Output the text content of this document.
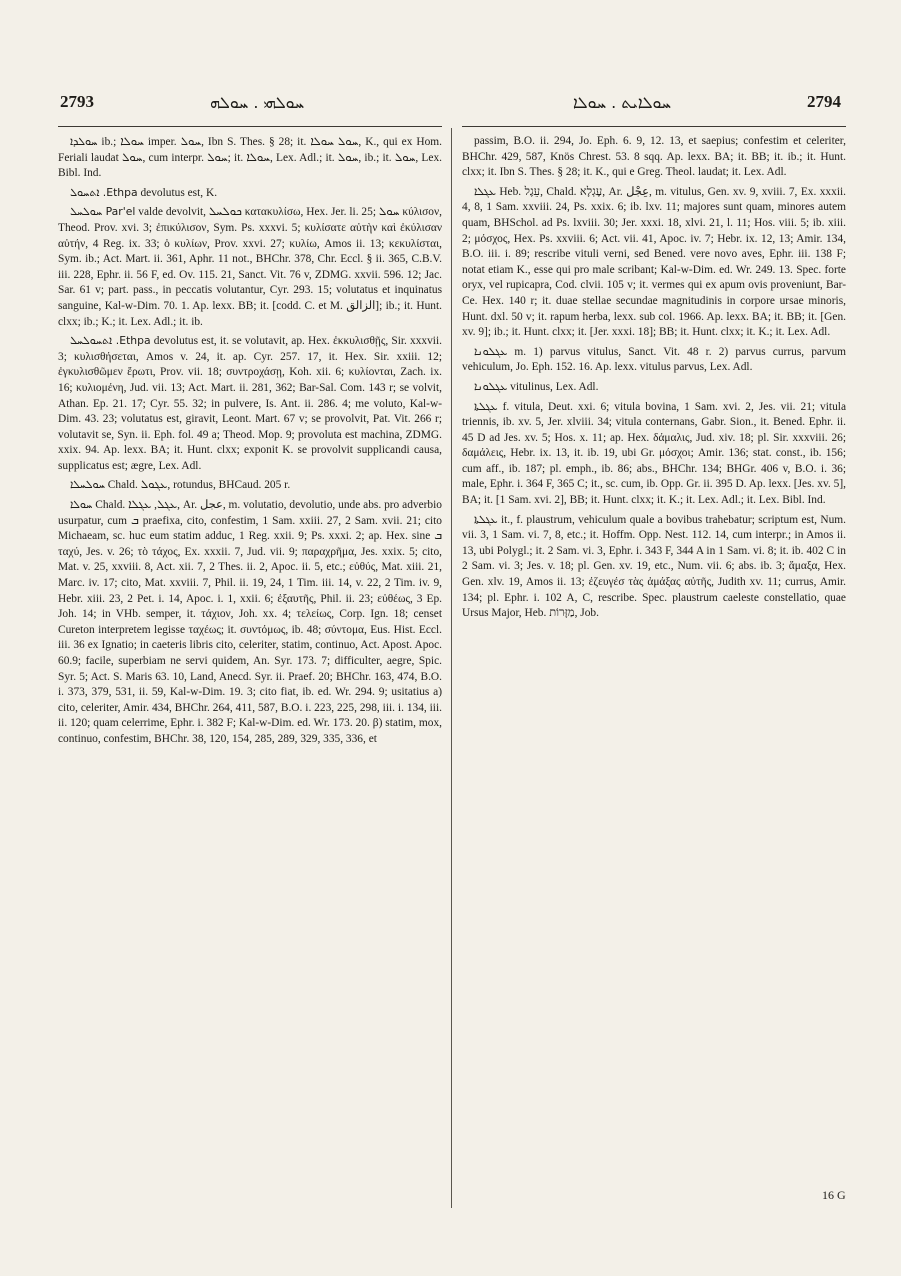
2793	ܚܘܠܗܝ . ܚܘܠܗ	ܚܘܠܐܝܬ . ܚܘܠܐ	2794

ܚܘܠܕܐ ib.; ܚܘܠܐ imper. ܚܘܠ, Ibn S. Thes. § 28; it. ܚܘܠ ܚܘܠܐ, K., qui ex Hom. Feriali laudat ܚܘܠ, cum interpr. ܚܘܠ; it. ܚܘܠܐ, Lex. Adl.; it. ܚܘܠ, ib.; it. ܚܘܠ, Lex. Bibl. Ind.

Ethpa. ܐܬܚܘܠ devolutus est, K.

Par'el ܚܘܠܚܠ valde devolvit, ܟܘܠܚܠ κατακυλίσω, Hex. Jer. li. 25; ܚܘܠ κύλισον, Theod. Prov. xvi. 3; ἐπικύλισον, Sym. Ps. xxxvi. 5; κυλίσατε αὐτὴν καὶ ἐκύλισαν αὐτήν, 4 Reg. ix. 33; ὁ κυλίων, Prov. xxvi. 27; κυλίω, Amos ii. 13; κεκυλίσται, Sym. ib.; Act. Mart. ii. 361, Aphr. 11 not., BHChr. 378, Chr. Eccl. § ii. 365, C.B.V. iii. 228, Ephr. ii. 56 F, ed. Ov. 115. 21, Sanct. Vit. 76 v, ZDMG. xxvii. 596. 12; Jac. Sar. 61 v; part. pass., in peccatis volutantur, Cyr. 293. 15; volutatus et inquinatus sanguine, Kal-w-Dim. 70. 1. Ap. lexx. BB; it. [codd. C. et M. الزالق]; ib.; it. Hunt. clxx; ib.; K.; it. Lex. Adl.; it. ib.

Ethpa. ܐܬܚܘܠܚܠ devolutus est, it. se volutavit, ap. Hex. ἐκκυλισθῇς, Sir. xxxvii. 3; κυλισθήσεται, Amos v. 24, it. ap. Cyr. 257. 17, it. Hex. Sir. xxiii. 12; ἐγκυλισθῶμεν ἔρωτι, Prov. vii. 18; συντροχάσῃ, Koh. xii. 6; κυλίονται, Zach. ix. 16; κυλιομένη, Jud. vii. 13; Act. Mart. ii. 281, 362; Bar-Sal. Com. 143 r; se volvit, Athan. Ep. 21. 17; Cyr. 55. 32; in pulvere, Is. Ant. ii. 286. 4; me voluto, Kal-w-Dim. 43. 23; volutatus est, giravit, Leont. Mart. 67 v; se provolvit, Pat. Vit. 266 r; volutavit se, Syn. ii. Eph. fol. 49 a; Theod. Mop. 9; provoluta est machina, ZDMG. xxix. 94. Ap. lexx. BA; it. Hunt. clxx; exponit K. se provolvit supplicandi causa, supplicatus est; ægre, Lex. Adl.

ܚܘܠܚܠܐ Chald. ܥܓܘܠ, rotundus, BHCaud. 205 r.

ܚܘܠܐ Chald. ܥܓܠ, ܥܓܠܐ, Ar. عجل, m. volutatio, devolutio, unde abs. pro adverbio usurpatur, cum ܒ praefixa, cito, confestim, 1 Sam. xxiii. 27, 2 Sam. xvii. 21; cito Michaeam, sc. huc eum statim adduc, 1 Reg. xxii. 9; Ps. xxxi. 2; ap. Hex. sine ܒ ταχύ, Jes. v. 26; τὸ τάχος, Ex. xxxii. 7, Jud. vii. 9; παραχρῆμα, Jes. xxix. 5; cito, Mat. v. 25, xxviii. 8, Act. xii. 7, 2 Thes. ii. 2, Apoc. ii. 5, etc.; εὐθύς, Mat. xiii. 21, Marc. iv. 17; cito, Mat. xxviii. 7, Phil. ii. 19, 24, 1 Tim. iii. 14, v. 22, 2 Tim. iv. 9, Hebr. xiii. 23, 2 Pet. i. 14, Apoc. i. 1, xxii. 6; ἐξαυτῆς, Phil. ii. 23; εὐθέως, 3 Ep. Joh. 14; in VHb. semper, it. τάχιον, Joh. xx. 4; τελείως, Corp. Ign. 18; censet Cureton interpretem legisse ταχέως; it. συντόμως, ib. 48; σύντομα, Eus. Hist. Eccl. iii. 36 ex Ignatio; in caeteris libris cito, celeriter, statim, continuo, Act. Apost. Apoc. 60.9; facile, superbiam ne servi quidem, An. Syr. 173. 7; difficulter, aegre, Spic. Syr. 5; Act. S. Maris 63. 10, Land, Anecd. Syr. ii. Praef. 20; BHChr. 163, 474, B.O. i. 373, 379, 531, ii. 59, Kal-w-Dim. 19. 3; cito fiat, ib. ed. Wr. 294. 9; usitatius a) cito, celeriter, Amir. 434, BHChr. 264, 411, 587, B.O. i. 223, 225, 298, iii. i. 134, iii. ii. 120; quam celerrime, Ephr. i. 382 F; Kal-w-Dim. ed. Wr. 173. 20. β) statim, mox, continuo, confestim, BHChr. 38, 120, 154, 285, 289, 329, 335, 336, et

passim, B.O. ii. 294, Jo. Eph. 6. 9, 12. 13, et saepius; confestim et celeriter, BHChr. 429, 587, Knös Chrest. 53. 8 sqq. Ap. lexx. BA; it. BB; it. ib.; it. Hunt. clxx; it. Ibn S. Thes. § 28; it. K., qui e Greg. Theol. laudat; it. Lex. Adl.

ܥܓܠܐ Heb. עֵגֶל, Chald. עֶגְלָא, Ar. عِجْل, m. vitulus, Gen. xv. 9, xviii. 7, Ex. xxxii. 4, 8, 1 Sam. xxviii. 24, Ps. xxix. 6; ib. lxv. 11; majores sunt quam, minores autem quam, BHSchol. ad Ps. lxviii. 30; Jer. xxxi. 18, xlvi. 21, l. 11; Hos. viii. 5; ib. xiii. 2; μόσχος, Hex. Ps. xxviii. 6; Act. vii. 41, Apoc. iv. 7; Hebr. ix. 12, 13; Amir. 134, B.O. iii. i. 89; rescribe vituli verni, sed Bened. vere novo aves, Ephr. iii. 138 F; notat etiam K., esse qui pro male scribant; Kal-w-Dim. ed. Wr. 249. 13. Spec. forte oryx, vel rupicapra, Cod. clvii. 105 v; it. vermes qui ex apum ovis proveniunt, Bar-Ce. Hex. 140 r; it. duae stellae secundae magnitudinis in corpore ursae minoris, Hunt. dxl. 50 v; it. rapum herba, lexx. sub col. 1966. Ap. lexx. BA; it. BB; it. [Gen. xv. 9]; ib.; it. Hunt. clxx; it. [Jer. xxxi. 18]; BB; it. Hunt. clxx; it. K.; it. Lex. Adl.

ܥܓܠܘܢܐ m. 1) parvus vitulus, Sanct. Vit. 48 r. 2) parvus currus, parvum vehiculum, Jo. Eph. 152. 16. Ap. lexx. vitulus parvus, Lex. Adl.

ܥܓܠܘܢܐ vitulinus, Lex. Adl.

ܥܓܠܬܐ f. vitula, Deut. xxi. 6; vitula bovina, 1 Sam. xvi. 2, Jes. vii. 21; vitula triennis, ib. xv. 5, Jer. xlviii. 34; vitula conternans, Gabr. Sion., it. Bened. Ephr. ii. 45 D ad Jes. xv. 5; Hos. x. 11; ap. Hex. δάμαλις, Jud. xiv. 18; pl. Sir. xxxviii. 26; δαμάλεις, Hebr. ix. 13, it. ib. 19, ubi Gr. μόσχοι; Amir. 136; stat. const., ib. 156; cum aff., ib. 187; pl. emph., ib. 86; abs., BHChr. 134; BHGr. 406 v, B.O. i. 36; male, Ephr. i. 364 F, 365 C; it., sc. cum, ib. Opp. Gr. ii. 395 D. Ap. lexx. [Jes. xv. 5], BA; it. [1 Sam. xvi. 2], BB; it. Hunt. clxx; it. K.; it. Lex. Adl.; it. Lex. Bibl. Ind.

ܥܓܠܬܐ it., f. plaustrum, vehiculum quale a bovibus trahebatur; scriptum est, Num. vii. 3, 1 Sam. vi. 7, 8, etc.; it. Hoffm. Opp. Nest. 112. 14, cum interpr.; in Amos ii. 13, ubi Polygl.; it. 2 Sam. vi. 3, Ephr. i. 343 F, 344 A in 1 Sam. vi. 8; it. ib. 402 C in 2 Sam. vi. 3; Jes. v. 18; pl. Gen. xv. 19, etc., Num. vii. 6; abs. ib. 3; ἅμαξα, Hex. Gen. xlv. 19, Amos ii. 13; ἐζευγέσ τὰς ἁμάξας αὐτῆς, Judith xv. 11; currus, Amir. 134; pl. Ephr. i. 102 A, C, rescribe. Spec. plaustrum caeleste constellatio, quae Ursus Major, Heb. מַזָּרוֹת, Job.

16 G
